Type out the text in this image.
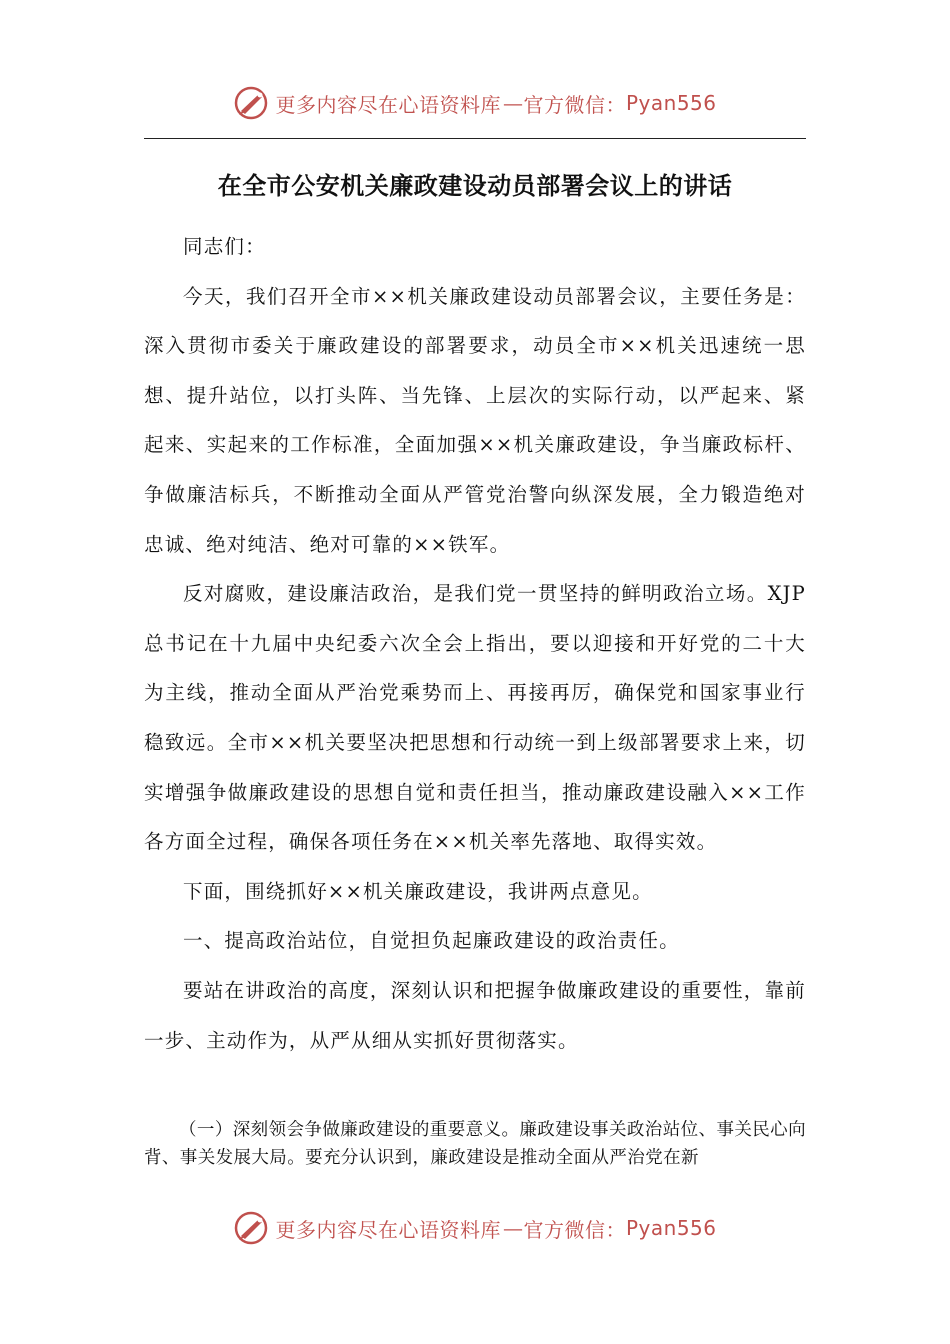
更多内容尽在心语资料库 — 官方微信： Pyan556
在全市公安机关廉政建设动员部署会议上的讲话

同志们：

今天，我们召开全市××机关廉政建设动员部署会议，主要任务是：深入贯彻市委关于廉政建设的部署要求，动员全市××机关迅速统一思想、提升站位，以打头阵、当先锋、上层次的实际行动，以严起来、紧起来、实起来的工作标准，全面加强××机关廉政建设，争当廉政标杆、争做廉洁标兵，不断推动全面从严管党治警向纵深发展，全力锻造绝对忠诚、绝对纯洁、绝对可靠的××铁军。

反对腐败，建设廉洁政治，是我们党一贯坚持的鲜明政治立场。XJP总书记在十九届中央纪委六次全会上指出，要以迎接和开好党的二十大为主线，推动全面从严治党乘势而上、再接再厉，确保党和国家事业行稳致远。全市××机关要坚决把思想和行动统一到上级部署要求上来，切实增强争做廉政建设的思想自觉和责任担当，推动廉政建设融入××工作各方面全过程，确保各项任务在××机关率先落地、取得实效。

下面，围绕抓好××机关廉政建设，我讲两点意见。

一、提高政治站位，自觉担负起廉政建设的政治责任。

要站在讲政治的高度，深刻认识和把握争做廉政建设的重要性，靠前一步、主动作为，从严从细从实抓好贯彻落实。

（一）深刻领会争做廉政建设的重要意义。廉政建设事关政治站位、事关民心向背、事关发展大局。要充分认识到，廉政建设是推动全面从严治党在新

更多内容尽在心语资料库 — 官方微信： Pyan556
